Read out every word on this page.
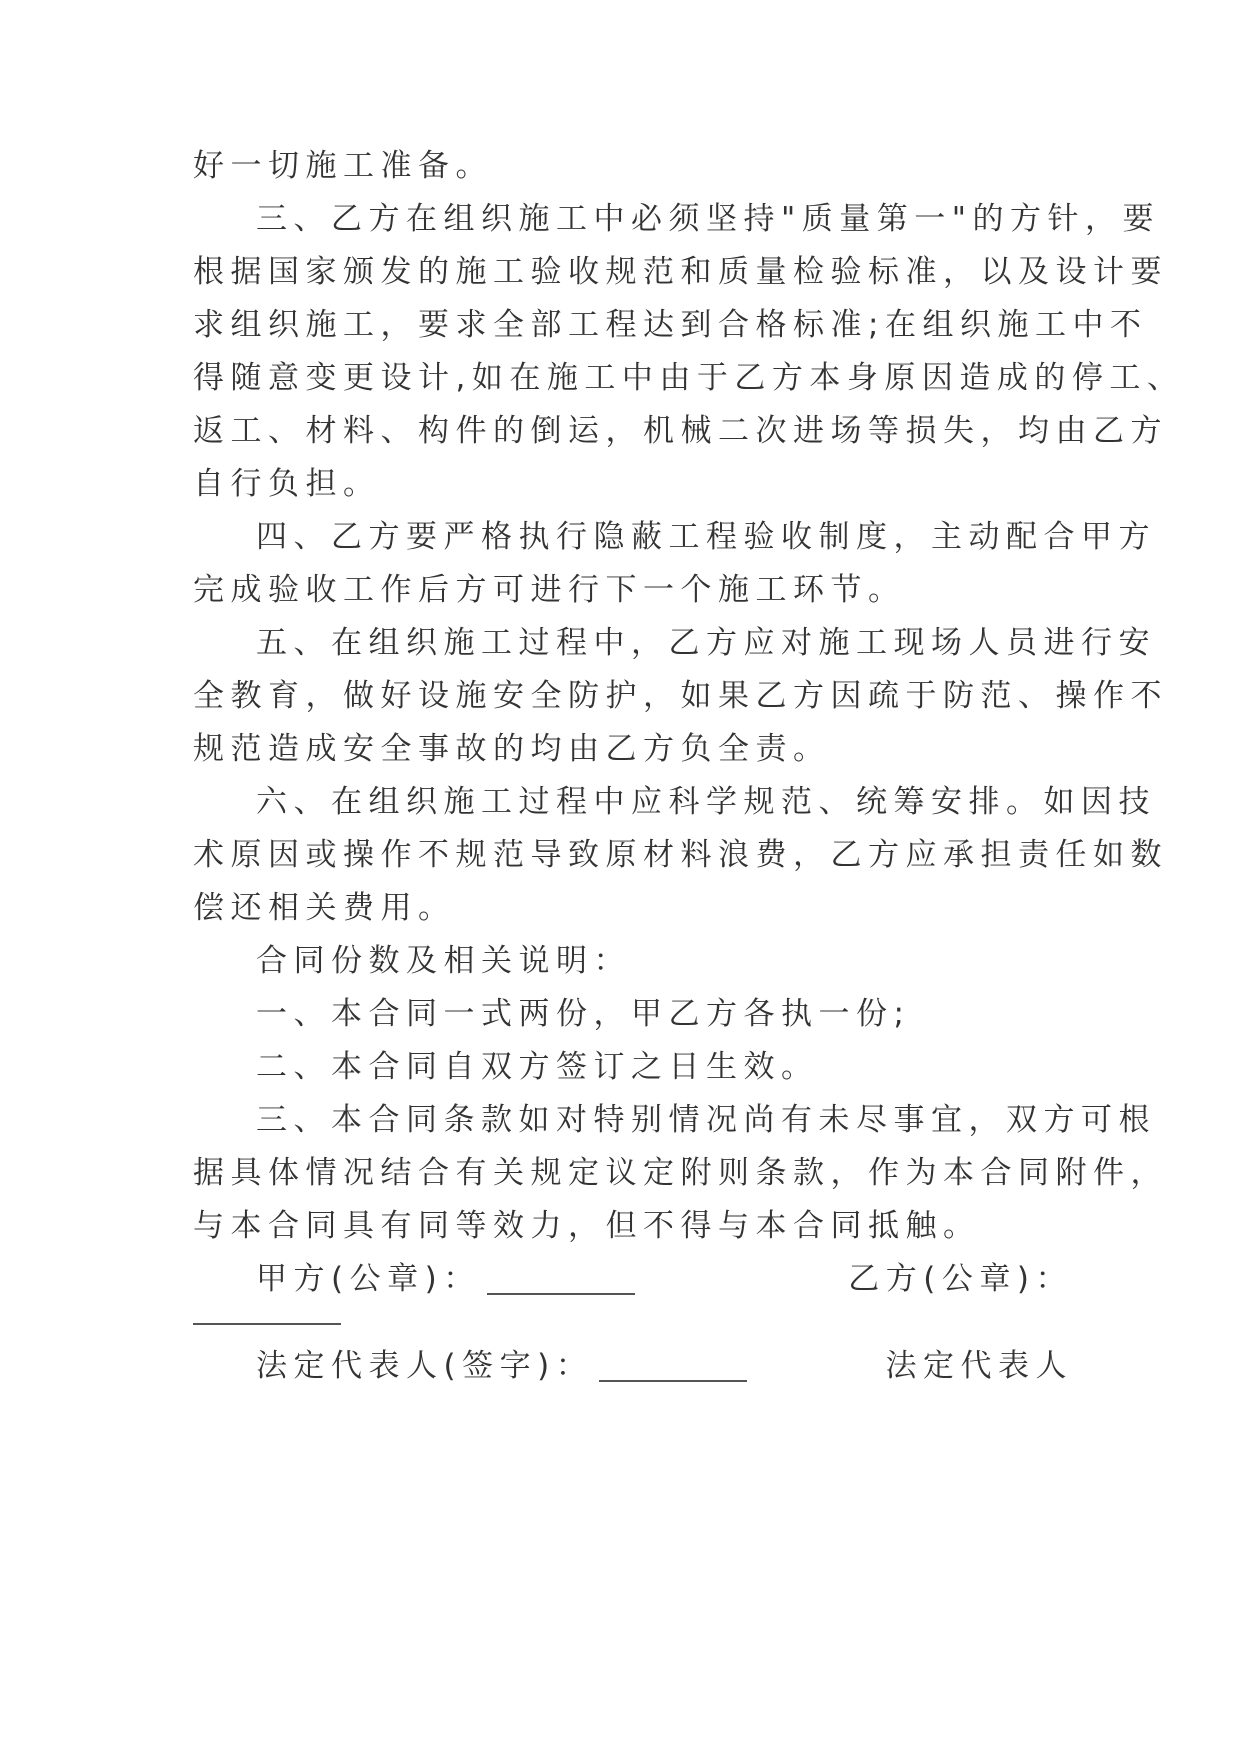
好一切施工准备。
三、乙方在组织施工中必须坚持"质量第一"的方针，要
根据国家颁发的施工验收规范和质量检验标准，以及设计要
求组织施工，要求全部工程达到合格标准;在组织施工中不
得随意变更设计,如在施工中由于乙方本身原因造成的停工、
返工、材料、构件的倒运，机械二次进场等损失，均由乙方
自行负担。
四、乙方要严格执行隐蔽工程验收制度，主动配合甲方
完成验收工作后方可进行下一个施工环节。
五、在组织施工过程中，乙方应对施工现场人员进行安
全教育，做好设施安全防护，如果乙方因疏于防范、操作不
规范造成安全事故的均由乙方负全责。
六、在组织施工过程中应科学规范、统筹安排。如因技
术原因或操作不规范导致原材料浪费，乙方应承担责任如数
偿还相关费用。
合同份数及相关说明：
一、本合同一式两份，甲乙方各执一份;
二、本合同自双方签订之日生效。
三、本合同条款如对特别情况尚有未尽事宜，双方可根
据具体情况结合有关规定议定附则条款，作为本合同附件，
与本合同具有同等效力，但不得与本合同抵触。
甲方(公章)：	乙方(公章)：
法定代表人(签字)：	法定代表人
